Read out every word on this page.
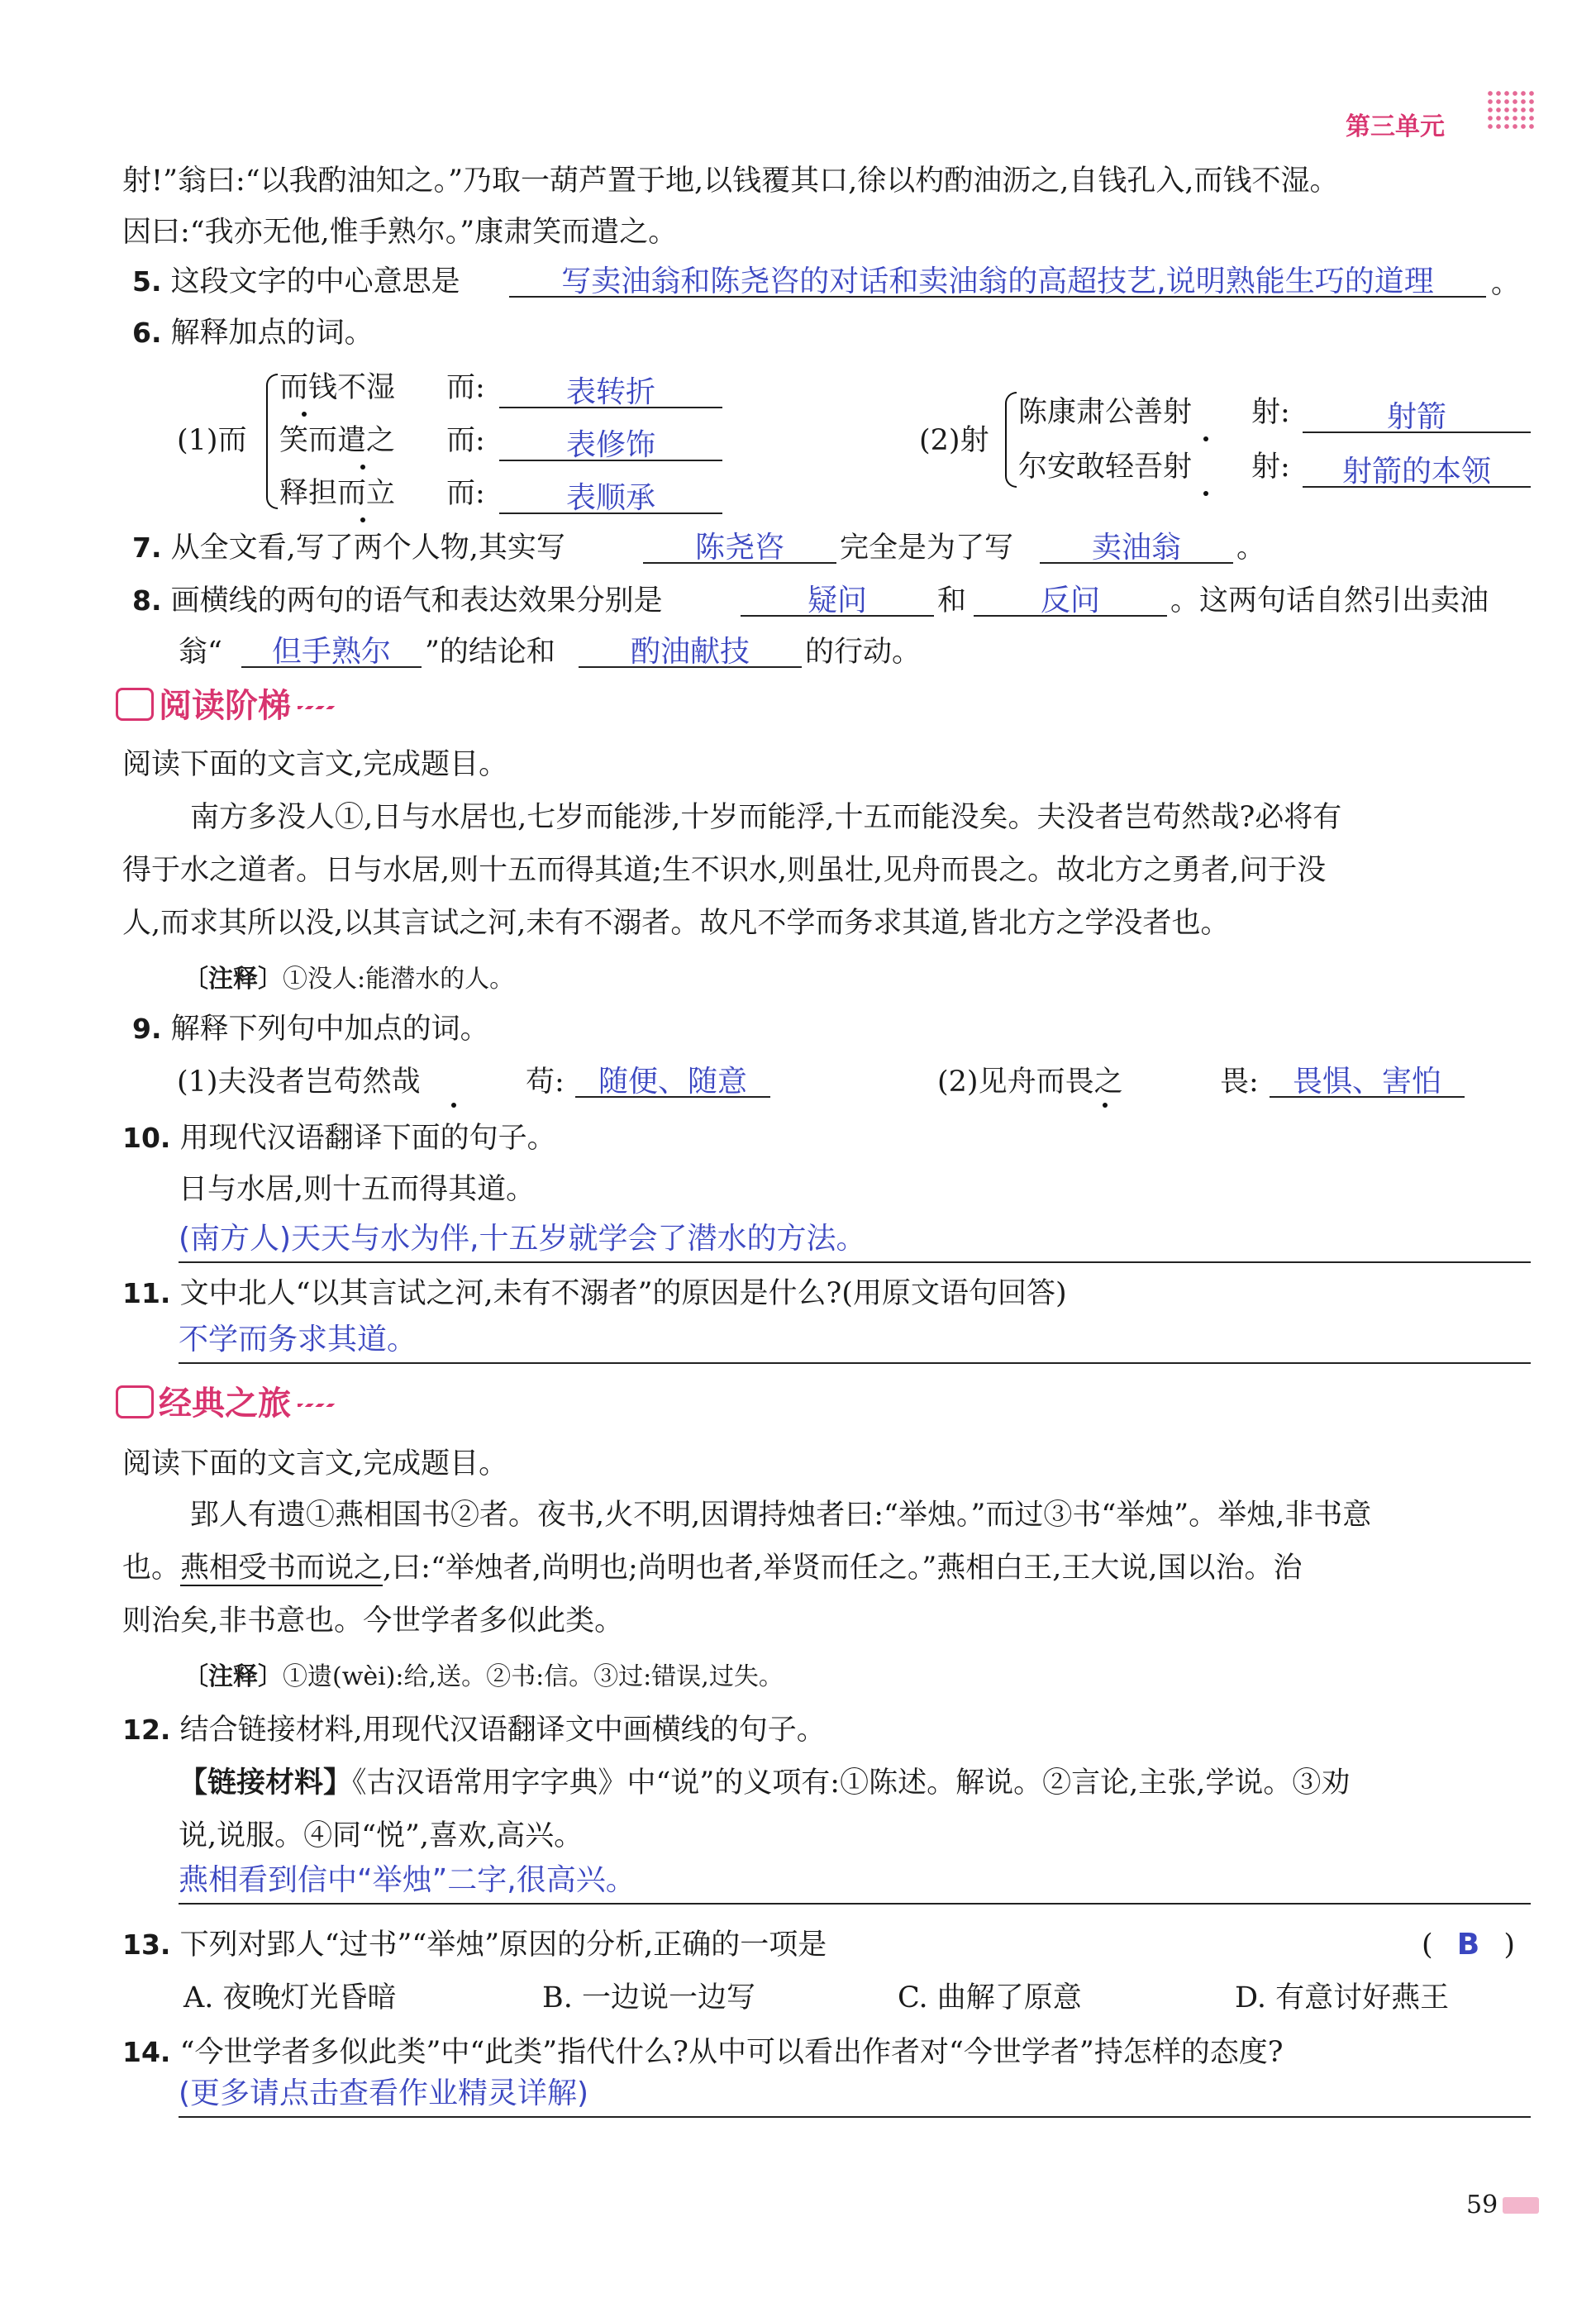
第三单元
射!”翁曰:“以我酌油知之。”乃取一葫芦置于地,以钱覆其口,徐以杓酌油沥之,自钱孔入,而钱不湿。
因曰:“我亦无他,惟手熟尔。”康肃笑而遣之。
5. 这段文字的中心意思是	写卖油翁和陈尧咨的对话和卖油翁的高超技艺,说明熟能生巧的道理	。
6. 解释加点的词。
(1)而
而钱不湿 而:	表转折
笑而遣之 而:	表修饰
释担而立 而:	表顺承
(2)射
陈康肃公善射 射:	射箭
尔安敢轻吾射 射:	射箭的本领
7. 从全文看,写了两个人物,其实写	陈尧咨	完全是为了写	卖油翁	。
8. 画横线的两句的语气和表达效果分别是	疑问	和	反问	。这两句话自然引出卖油
翁“	但手熟尔	”的结论和	酌油献技	的行动。
阅读阶梯
阅读下面的文言文,完成题目。
南方多没人①,日与水居也,七岁而能涉,十岁而能浮,十五而能没矣。夫没者岂苟然哉?必将有
得于水之道者。日与水居,则十五而得其道;生不识水,则虽壮,见舟而畏之。故北方之勇者,问于没
人,而求其所以没,以其言试之河,未有不溺者。故凡不学而务求其道,皆北方之学没者也。
〔注释〕①没人:能潜水的人。
9. 解释下列句中加点的词。
(1)夫没者岂苟然哉	苟:	随便、随意	(2)见舟而畏之	畏:	畏惧、害怕
10. 用现代汉语翻译下面的句子。
日与水居,则十五而得其道。
(南方人)天天与水为伴,十五岁就学会了潜水的方法。
11. 文中北人“以其言试之河,未有不溺者”的原因是什么?(用原文语句回答)
不学而务求其道。
经典之旅
阅读下面的文言文,完成题目。
郢人有遗①燕相国书②者。夜书,火不明,因谓持烛者曰:“举烛。”而过③书“举烛”。举烛,非书意
也。燕相受书而说之,曰:“举烛者,尚明也;尚明也者,举贤而任之。”燕相白王,王大说,国以治。治
则治矣,非书意也。今世学者多似此类。
〔注释〕①遗(wèi):给,送。②书:信。③过:错误,过失。
12. 结合链接材料,用现代汉语翻译文中画横线的句子。
【链接材料】《古汉语常用字字典》中“说”的义项有:①陈述。解说。②言论,主张,学说。③劝
说,说服。④同“悦”,喜欢,高兴。
燕相看到信中“举烛”二字,很高兴。
13. 下列对郢人“过书”“举烛”原因的分析,正确的一项是	( B )
A. 夜晚灯光昏暗	B. 一边说一边写	C. 曲解了原意	D. 有意讨好燕王
14. “今世学者多似此类”中“此类”指代什么?从中可以看出作者对“今世学者”持怎样的态度?
(更多请点击查看作业精灵详解)
59
